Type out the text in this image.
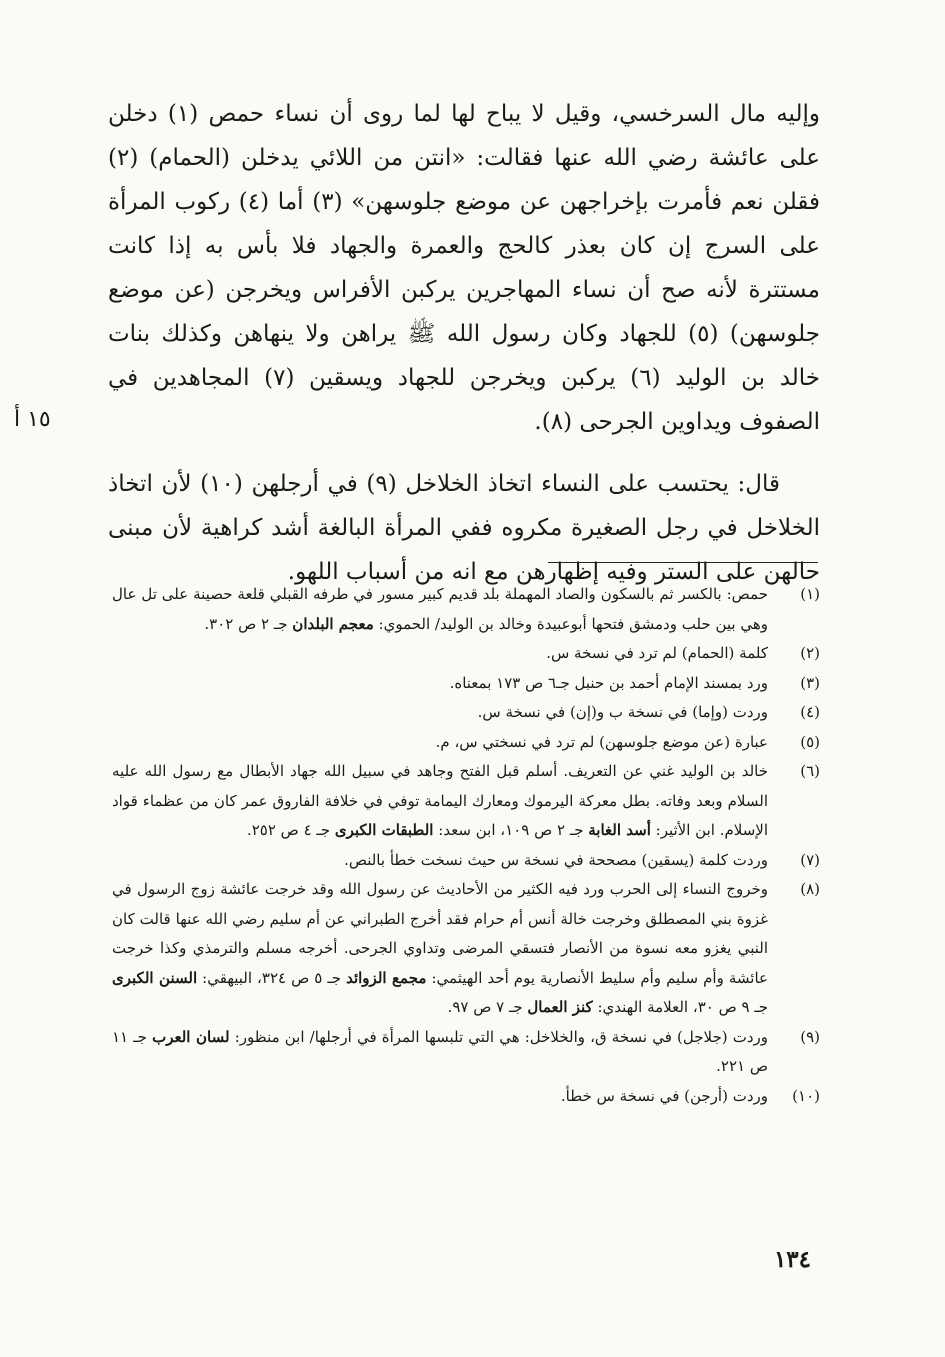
وإليه مال السرخسي، وقيل لا يباح لها لما روى أن نساء حمص (١) دخلن على عائشة رضي الله عنها فقالت: «انتن من اللائي يدخلن (الحمام) (٢) فقلن نعم فأمرت بإخراجهن عن موضع جلوسهن» (٣) أما (٤) ركوب المرأة على السرج إن كان بعذر كالحج والعمرة والجهاد فلا بأس به إذا كانت مستترة لأنه صح أن نساء المهاجرين يركبن الأفراس ويخرجن (عن موضع جلوسهن) (٥) للجهاد وكان رسول الله ﷺ يراهن ولا ينهاهن وكذلك بنات خالد بن الوليد (٦) يركبن ويخرجن للجهاد ويسقين (٧) المجاهدين في الصفوف ويداوين الجرحى (٨).

قال: يحتسب على النساء اتخاذ الخلاخل (٩) في أرجلهن (١٠) لأن اتخاذ الخلاخل في رجل الصغيرة مكروه ففي المرأة البالغة أشد كراهية لأن مبنى حالهن على الستر وفيه إظهارهن مع انه من أسباب اللهو.

١٥ أ
(١)
حمص: بالكسر ثم بالسكون والصاد المهملة بلد قديم كبير مسور في طرفه القبلي قلعة حصينة على تل عال وهي بين حلب ودمشق فتحها أبوعبيدة وخالد بن الوليد/ الحموي: معجم البلدان جـ ٢ ص ٣٠٢.
(٢)
كلمة (الحمام) لم ترد في نسخة س.
(٣)
ورد بمسند الإمام أحمد بن حنبل جـ٦ ص ١٧٣ بمعناه.
(٤)
وردت (وإما) في نسخة ب و(إن) في نسخة س.
(٥)
عبارة (عن موضع جلوسهن) لم ترد في نسختي س، م.
(٦)
خالد بن الوليد غني عن التعريف. أسلم قبل الفتح وجاهد في سبيل الله جهاد الأبطال مع رسول الله عليه السلام وبعد وفاته. بطل معركة اليرموك ومعارك اليمامة توفي في خلافة الفاروق عمر كان من عظماء قواد الإسلام. ابن الأثير: أسد الغابة جـ ٢ ص ١٠٩، ابن سعد: الطبقات الكبرى جـ ٤ ص ٢٥٢.
(٧)
وردت كلمة (يسقين) مصححة في نسخة س حيث نسخت خطأ بالنص.
(٨)
وخروج النساء إلى الحرب ورد فيه الكثير من الأحاديث عن رسول الله وقد خرجت عائشة زوج الرسول في غزوة بني المصطلق وخرجت خالة أنس أم حرام فقد أخرج الطبراني عن أم سليم رضي الله عنها قالت كان النبي يغزو معه نسوة من الأنصار فتسقي المرضى وتداوي الجرحى. أخرجه مسلم والترمذي وكذا خرجت عائشة وأم سليم وأم سليط الأنصارية يوم أحد الهيثمي: مجمع الزوائد جـ ٥ ص ٣٢٤، البيهقي: السنن الكبرى جـ ٩ ص ٣٠، العلامة الهندي: كنز العمال جـ ٧ ص ٩٧.
(٩)
وردت (جلاجل) في نسخة ق، والخلاخل: هي التي تلبسها المرأة في أرجلها/ ابن منظور: لسان العرب جـ ١١ ص ٢٢١.
(١٠)
وردت (أرجن) في نسخة س خطأ.
١٣٤
